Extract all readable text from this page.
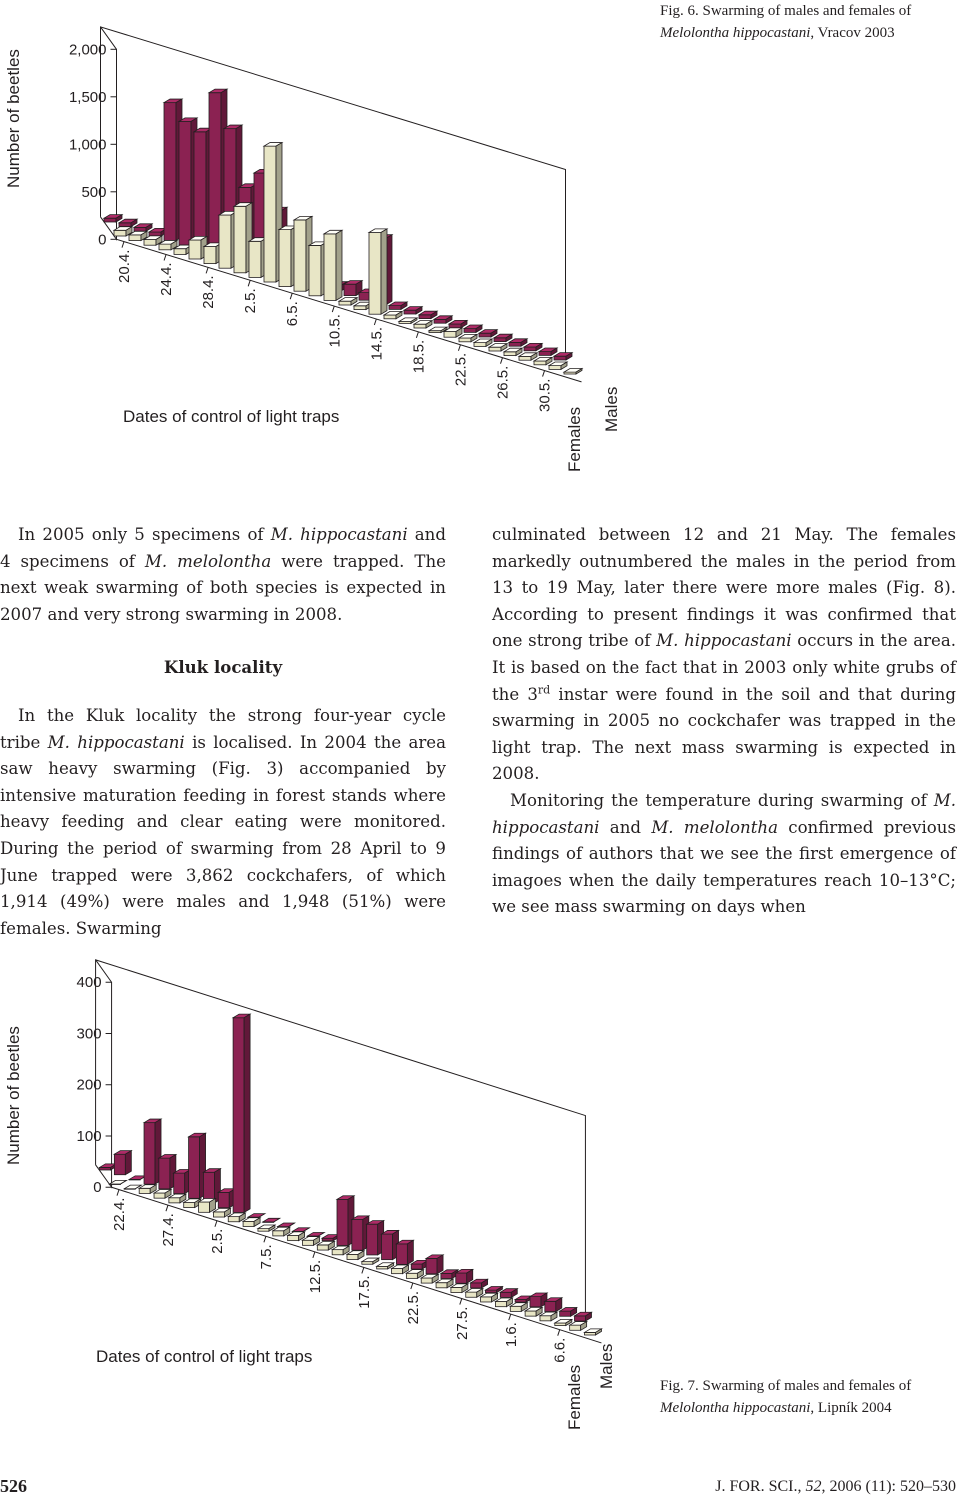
0
500
1,000
1,500
2,000
20.4. 24.4. 28.4. 2.5.
6.5.
10.5. 14.5. 18.5. 22.5. 26.5. 30.5.
Number of beetles
Dates of control of light traps	Females Males
Fig. 6. Swarming of males and females of
Melolontha hippocastani, Vracov 2003

In 2005 only 5 specimens of M. hippocastani and 4 specimens of M. melolontha were trapped. The next weak swarming of both species is expected in 2007 and very strong swarming in 2008.

Kluk locality

In the Kluk locality the strong four-year cycle tribe M. hippocastani is localised. In 2004 the area saw heavy swarming (Fig. 3) accompanied by intensive maturation feeding in forest stands where heavy feeding and clear eating were monitored. During the period of swarming from 28 April to 9 June trapped were 3,862 cockchafers, of which 1,914 (49%) were males and 1,948 (51%) were females. Swarming

culminated between 12 and 21 May. The females markedly outnumbered the males in the period from 13 to 19 May, later there were more males (Fig. 8). According to present findings it was confirmed that one strong tribe of M. hippocastani occurs in the area. It is based on the fact that in 2003 only white grubs of the 3rd instar were found in the soil and that during swarming in 2005 no cockchafer was trapped in the light trap. The next mass swarming is expected in 2008.

Monitoring the temperature during swarming of M. hippocastani and M. melolontha confirmed previous findings of authors that we see the first emergence of imagoes when the daily temperatures reach 10–13°C; we see mass swarming on days when

0
100
200
300
400
22.4. 27.4. 2.5.
7.5.
12.5. 17.5. 22.5. 27.5. 1.6.
6.6.
Number of beetles
Dates of control of light traps
Females Males	Fig. 7. Swarming of males and females of
Melolontha hippocastani, Lipník 2004
526	J. FOR. SCI., 52, 2006 (11): 520–530
